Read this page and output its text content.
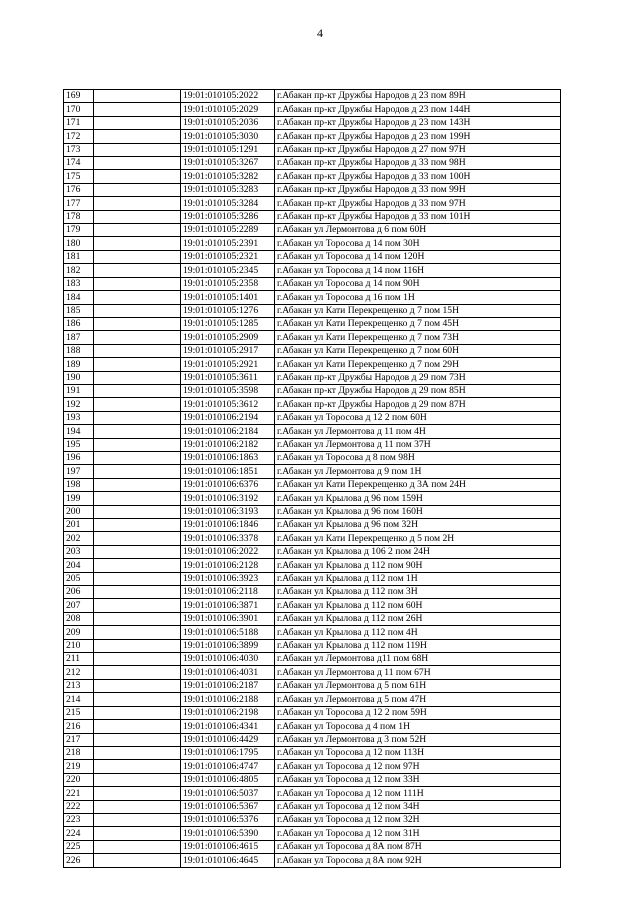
4
169		19:01:010105:2022	г.Абакан пр-кт Дружбы Народов д 23 пом 89Н
170		19:01:010105:2029	г.Абакан пр-кт Дружбы Народов д 23 пом 144Н
171		19:01:010105:2036	г.Абакан пр-кт Дружбы Народов д 23 пом 143Н
172		19:01:010105:3030	г.Абакан пр-кт Дружбы Народов д 23 пом 199Н
173		19:01:010105:1291	г.Абакан пр-кт Дружбы Народов д 27 пом 97Н
174		19:01:010105:3267	г.Абакан пр-кт Дружбы Народов д 33 пом 98Н
175		19:01:010105:3282	г.Абакан пр-кт Дружбы Народов д 33 пом 100Н
176		19:01:010105:3283	г.Абакан пр-кт Дружбы Народов д 33 пом 99Н
177		19:01:010105:3284	г.Абакан пр-кт Дружбы Народов д 33 пом 97Н
178		19:01:010105:3286	г.Абакан пр-кт Дружбы Народов д 33 пом 101Н
179		19:01:010105:2289	г.Абакан ул Лермонтова д 6 пом 60Н
180		19:01:010105:2391	г.Абакан ул Торосова д 14 пом 30Н
181		19:01:010105:2321	г.Абакан ул Торосова д 14 пом 120Н
182		19:01:010105:2345	г.Абакан ул Торосова д 14 пом 116Н
183		19:01:010105:2358	г.Абакан ул Торосова д 14 пом 90Н
184		19:01:010105:1401	г.Абакан ул Торосова д 16 пом 1Н
185		19:01:010105:1276	г.Абакан ул Кати Перекрещенко д 7 пом 15Н
186		19:01:010105:1285	г.Абакан ул Кати Перекрещенко д 7 пом 45Н
187		19:01:010105:2909	г.Абакан ул Кати Перекрещенко д 7 пом 73Н
188		19:01:010105:2917	г.Абакан ул Кати Перекрещенко д 7 пом 60Н
189		19:01:010105:2921	г.Абакан ул Кати Перекрещенко д 7 пом 29Н
190		19:01:010105:3611	г.Абакан пр-кт Дружбы Народов д 29 пом 73Н
191		19:01:010105:3598	г.Абакан пр-кт Дружбы Народов д 29 пом 85Н
192		19:01:010105:3612	г.Абакан пр-кт Дружбы Народов д 29 пом 87Н
193		19:01:010106:2194	г.Абакан ул Торосова д 12 2 пом 60Н
194		19:01:010106:2184	г.Абакан ул Лермонтова д 11 пом 4Н
195		19:01:010106:2182	г.Абакан ул Лермонтова д 11 пом 37Н
196		19:01:010106:1863	г.Абакан ул Торосова д 8 пом 98Н
197		19:01:010106:1851	г.Абакан ул Лермонтова д 9 пом 1Н
198		19:01:010106:6376	г.Абакан ул Кати Перекрещенко д 3А пом 24Н
199		19:01:010106:3192	г.Абакан ул Крылова д 96 пом 159Н
200		19:01:010106:3193	г.Абакан ул Крылова д 96 пом 160Н
201		19:01:010106:1846	г.Абакан ул Крылова д 96 пом 32Н
202		19:01:010106:3378	г.Абакан ул Кати Перекрещенко д 5 пом 2Н
203		19:01:010106:2022	г.Абакан ул Крылова д 106 2 пом 24Н
204		19:01:010106:2128	г.Абакан ул Крылова д 112 пом 90Н
205		19:01:010106:3923	г.Абакан ул Крылова д 112 пом 1Н
206		19:01:010106:2118	г.Абакан ул Крылова д 112 пом 3Н
207		19:01:010106:3871	г.Абакан ул Крылова д 112 пом 60Н
208		19:01:010106:3901	г.Абакан ул Крылова д 112 пом 26Н
209		19:01:010106:5188	г.Абакан ул Крылова д 112 пом 4Н
210		19:01:010106:3899	г.Абакан ул Крылова д 112 пом 119Н
211		19:01:010106:4030	г.Абакан ул Лермонтова д11 пом 68Н
212		19:01:010106:4031	г.Абакан ул Лермонтова д 11 пом 67Н
213		19:01:010106:2187	г.Абакан ул Лермонтова д 5 пом 61Н
214		19:01:010106:2188	г.Абакан ул Лермонтова д 5 пом 47Н
215		19:01:010106:2198	г.Абакан ул Торосова д 12 2 пом 59Н
216		19:01:010106:4341	г.Абакан ул Торосова д 4 пом 1Н
217		19:01:010106:4429	г.Абакан ул Лермонтова д 3 пом 52Н
218		19:01:010106:1795	г.Абакан ул Торосова д 12 пом 113Н
219		19:01:010106:4747	г.Абакан ул Торосова д 12 пом 97Н
220		19:01:010106:4805	г.Абакан ул Торосова д 12 пом 33Н
221		19:01:010106:5037	г.Абакан ул Торосова д 12 пом 111Н
222		19:01:010106:5367	г.Абакан ул Торосова д 12 пом 34Н
223		19:01:010106:5376	г.Абакан ул Торосова д 12 пом 32Н
224		19:01:010106:5390	г.Абакан ул Торосова д 12 пом 31Н
225		19:01:010106:4615	г.Абакан ул Торосова д 8А пом 87Н
226		19:01:010106:4645	г.Абакан ул Торосова д 8А пом 92Н
